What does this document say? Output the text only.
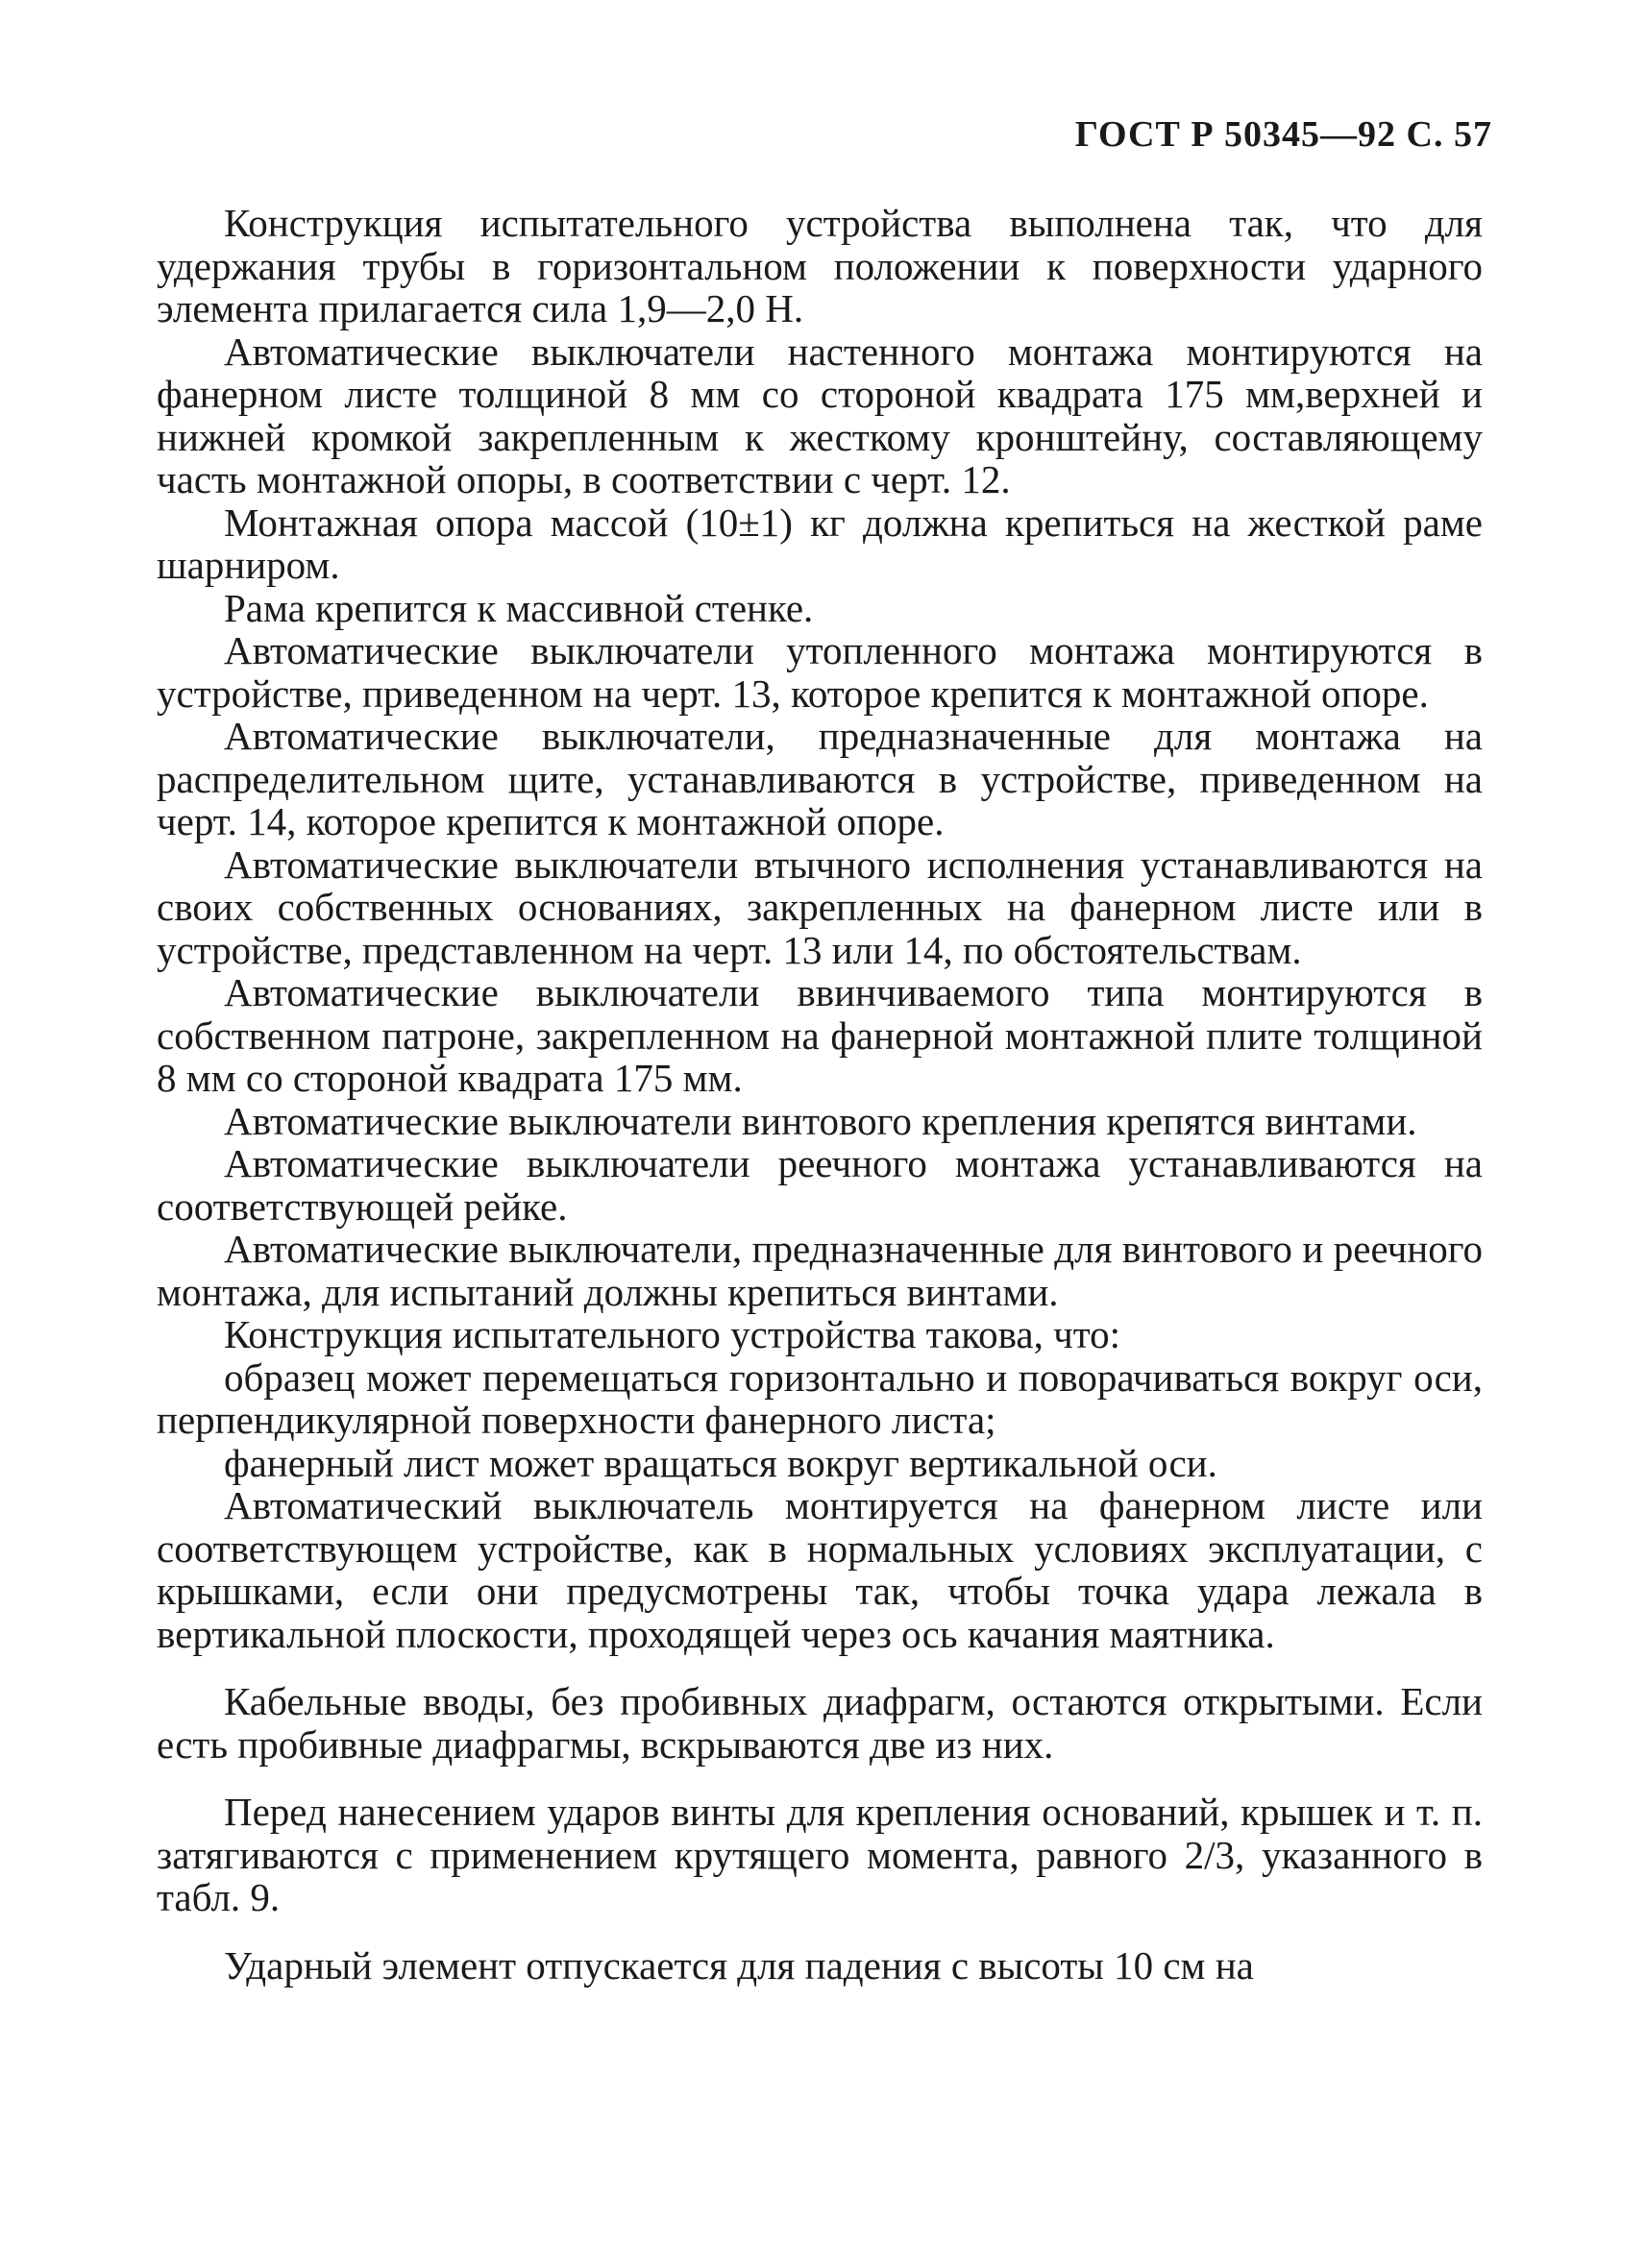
ГОСТ Р 50345—92 С. 57

Конструкция испытательного устройства выполнена так, что для удержания трубы в горизонтальном положении к поверхности ударного элемента прилагается сила 1,9—2,0 Н.

Автоматические выключатели настенного монтажа монтируются на фанерном листе толщиной 8 мм со стороной квадрата 175 мм,верхней и нижней кромкой закрепленным к жесткому кронштейну, составляющему часть монтажной опоры, в соответствии с черт. 12.

Монтажная опора массой (10±1) кг должна крепиться на жесткой раме шарниром.

Рама крепится к массивной стенке.

Автоматические выключатели утопленного монтажа монтируются в устройстве, приведенном на черт. 13, которое крепится к монтажной опоре.

Автоматические выключатели, предназначенные для монтажа на распределительном щите, устанавливаются в устройстве, приведенном на черт. 14, которое крепится к монтажной опоре.

Автоматические выключатели втычного исполнения устанавливаются на своих собственных основаниях, закрепленных на фанерном листе или в устройстве, представленном на черт. 13 или 14, по обстоятельствам.

Автоматические выключатели ввинчиваемого типа монтируются в собственном патроне, закрепленном на фанерной монтажной плите толщиной 8 мм со стороной квадрата 175 мм.

Автоматические выключатели винтового крепления крепятся винтами.

Автоматические выключатели реечного монтажа устанавливаются на соответствующей рейке.

Автоматические выключатели, предназначенные для винтового и реечного монтажа, для испытаний должны крепиться винтами.

Конструкция испытательного устройства такова, что:

образец может перемещаться горизонтально и поворачиваться вокруг оси, перпендикулярной поверхности фанерного листа;

фанерный лист может вращаться вокруг вертикальной оси.

Автоматический выключатель монтируется на фанерном листе или соответствующем устройстве, как в нормальных условиях эксплуатации, с крышками, если они предусмотрены так, чтобы точка удара лежала в вертикальной плоскости, проходящей через ось качания маятника.

Кабельные вводы, без пробивных диафрагм, остаются открытыми. Если есть пробивные диафрагмы, вскрываются две из них.

Перед нанесением ударов винты для крепления оснований, крышек и т. п. затягиваются с применением крутящего момента, равного 2/3, указанного в табл. 9.

Ударный элемент отпускается для падения с высоты 10 см на
